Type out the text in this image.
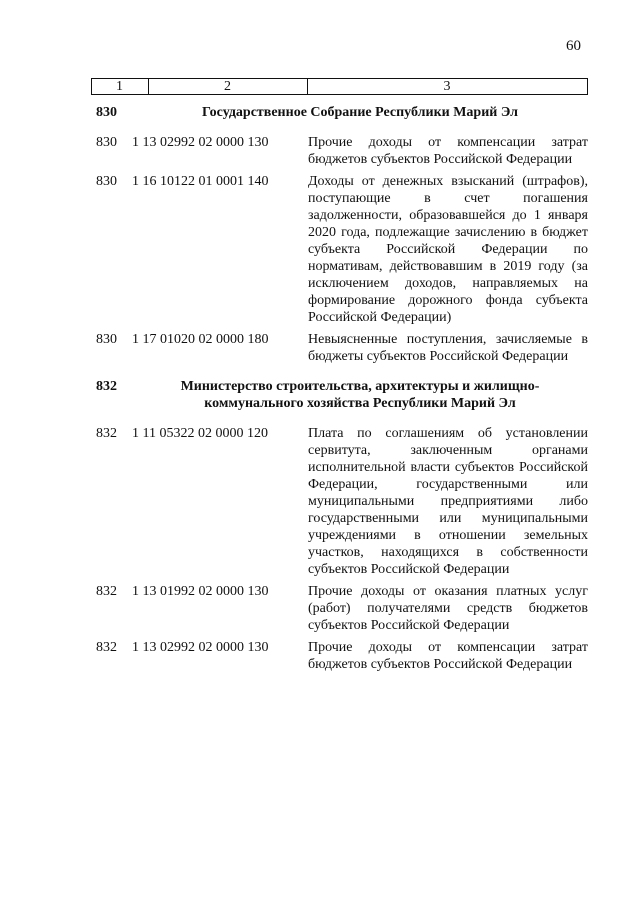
60
1	2	3
830	Государственное Собрание Республики Марий Эл
830	1 13 02992 02 0000 130	Прочие доходы от компенсации затрат бюджетов субъектов Российской Федерации
830	1 16 10122 01 0001 140	Доходы от денежных взысканий (штрафов), поступающие в счет погашения задолженности, образовавшейся до 1 января 2020 года, подлежащие зачислению в бюджет субъекта Российской Федерации по нормативам, действовавшим в 2019 году (за исключением доходов, направляемых на формирование дорожного фонда субъекта Российской Федерации)
830	1 17 01020 02 0000 180	Невыясненные поступления, зачисляемые в бюджеты субъектов Российской Федерации
832	Министерство строительства, архитектуры и жилищно-коммунального хозяйства Республики Марий Эл
832	1 11 05322 02 0000 120	Плата по соглашениям об установлении сервитута, заключенным органами исполнительной власти субъектов Российской Федерации, государственными или муниципальными предприятиями либо государственными или муниципальными учреждениями в отношении земельных участков, находящихся в собственности субъектов Российской Федерации
832	1 13 01992 02 0000 130	Прочие доходы от оказания платных услуг (работ) получателями средств бюджетов субъектов Российской Федерации
832	1 13 02992 02 0000 130	Прочие доходы от компенсации затрат бюджетов субъектов Российской Федерации
